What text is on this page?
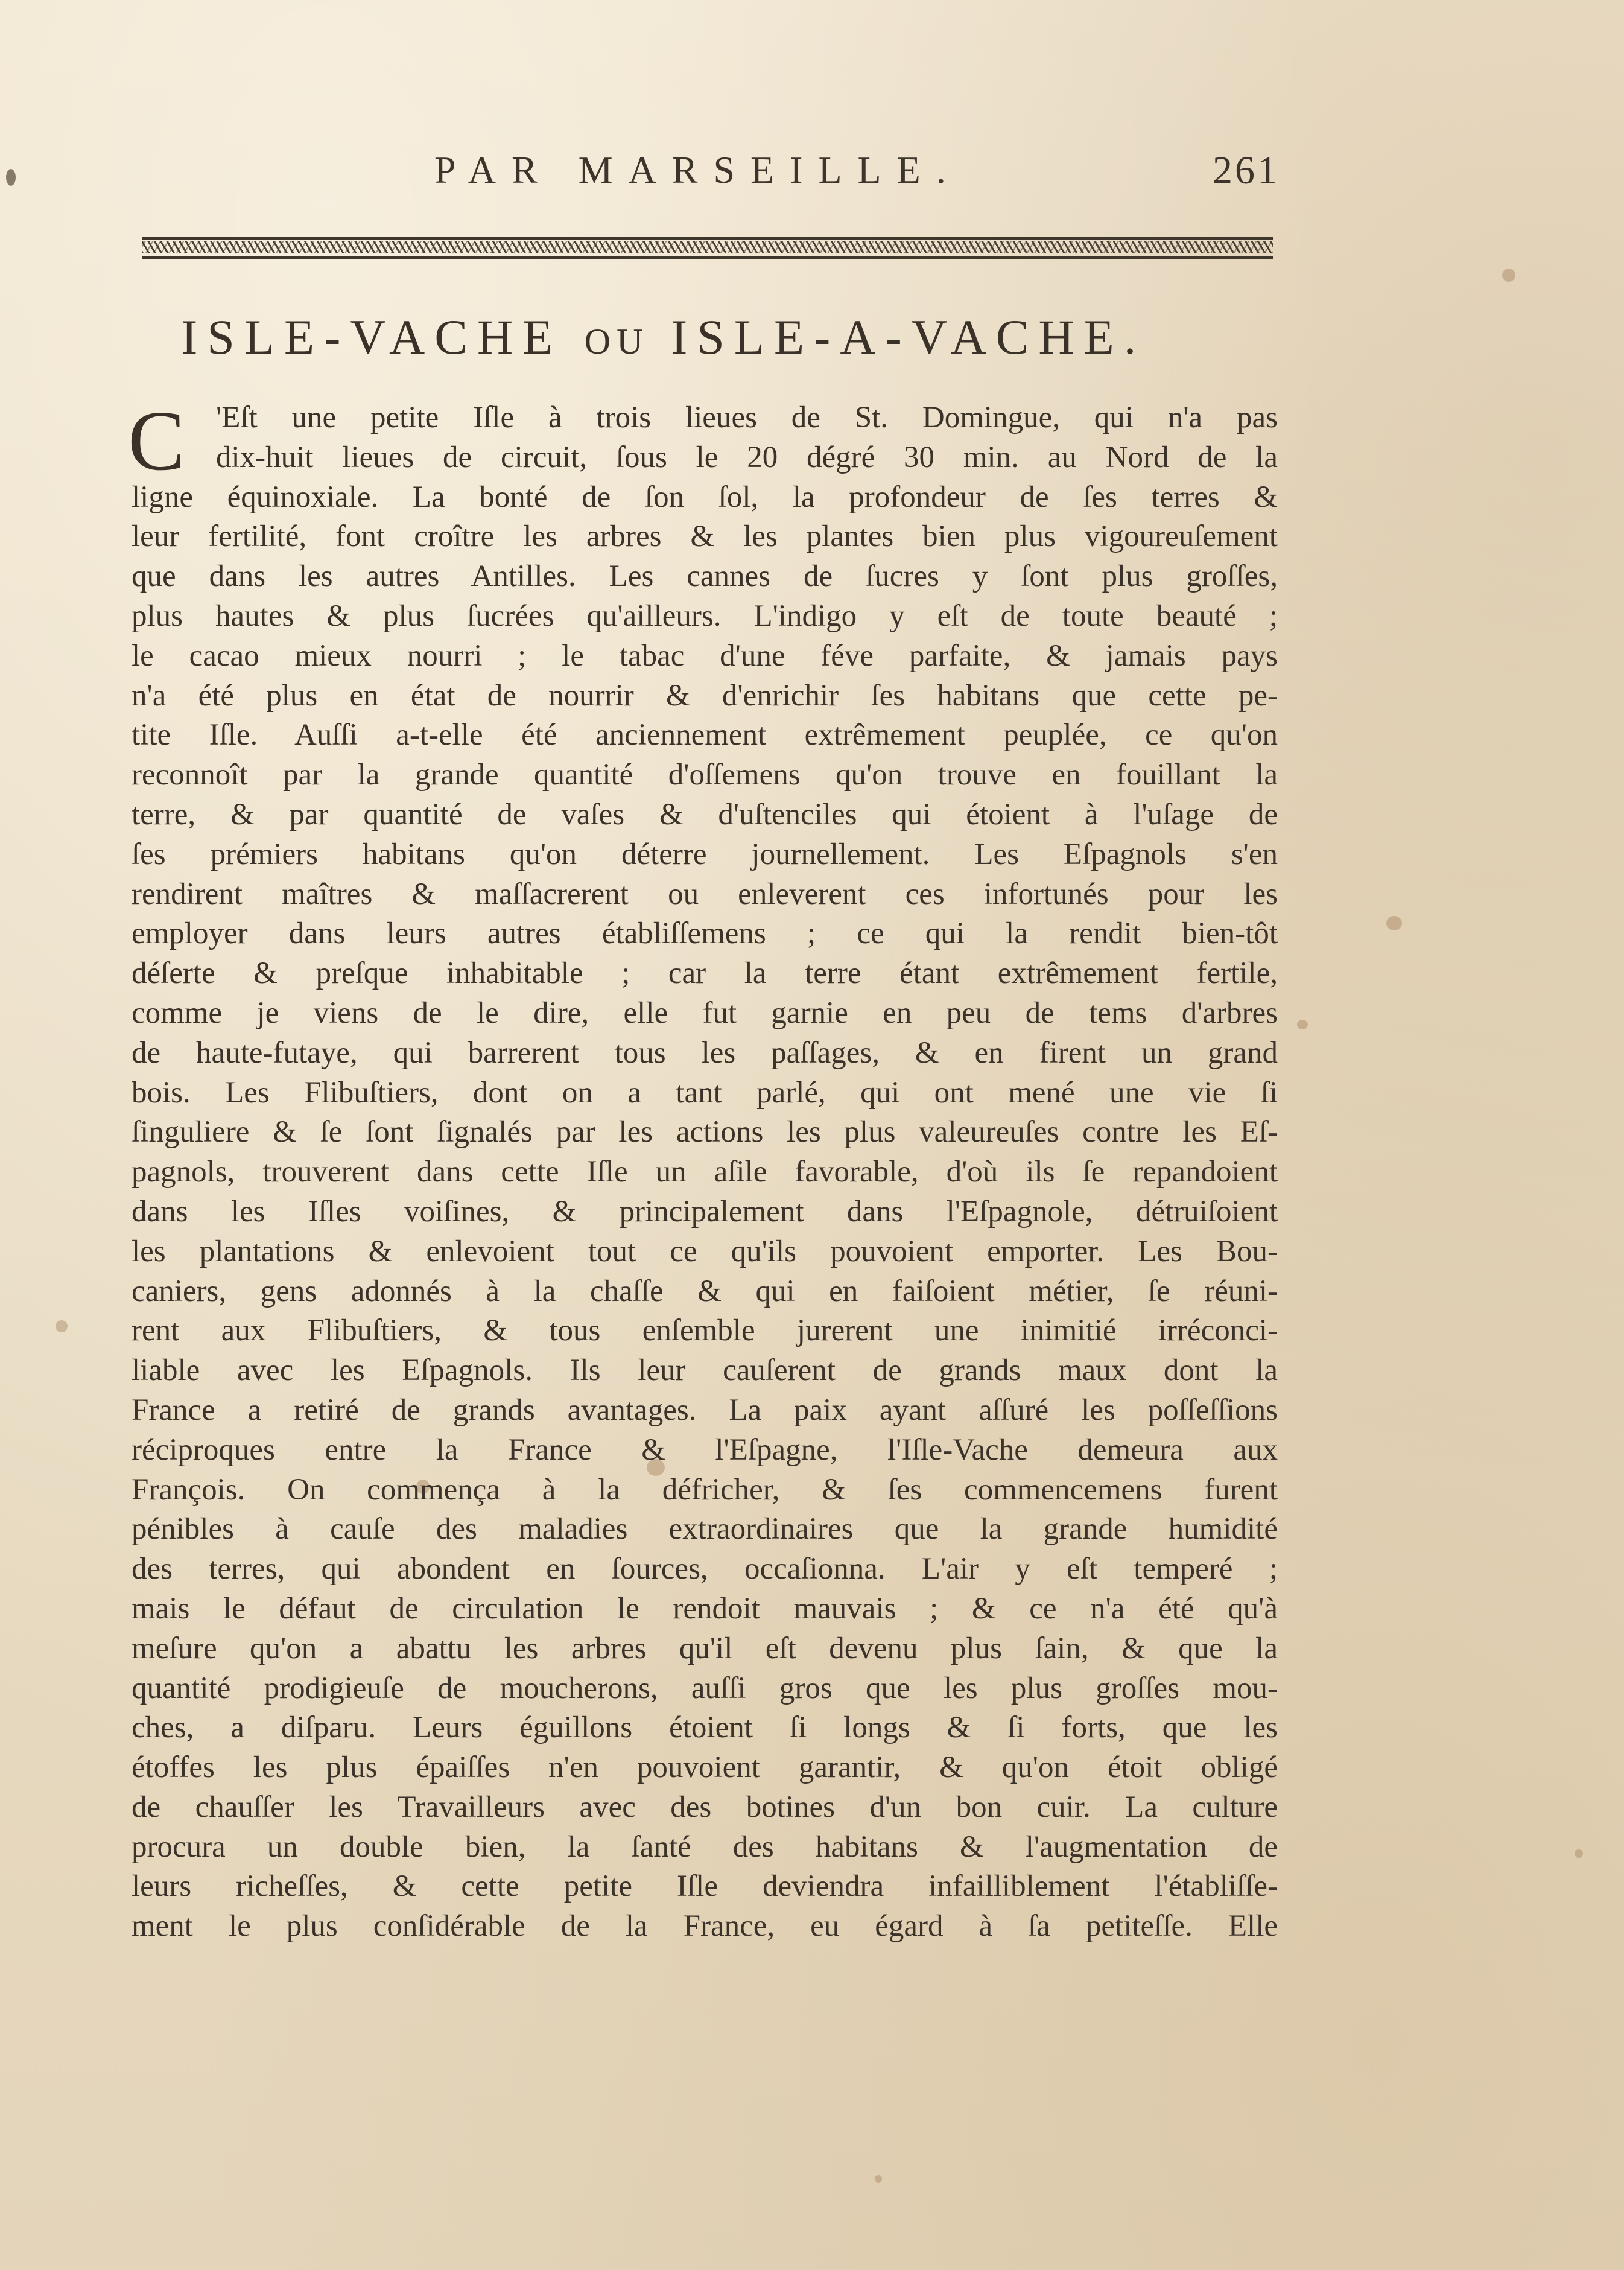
PAR MARSEILLE.	261
ISLE-VACHE OU ISLE-A-VACHE.
C	'Eſt une petite Iſle à trois lieues de St. Domingue, qui n'a pas
dix-huit lieues de circuit, ſous le 20 dégré 30 min. au Nord de la
ligne équinoxiale. La bonté de ſon ſol, la profondeur de ſes terres &
leur fertilité, font croître les arbres & les plantes bien plus vigoureuſement
que dans les autres Antilles. Les cannes de ſucres y ſont plus groſſes,
plus hautes & plus ſucrées qu'ailleurs. L'indigo y eſt de toute beauté ;
le cacao mieux nourri ; le tabac d'une féve parfaite, & jamais pays
n'a été plus en état de nourrir & d'enrichir ſes habitans que cette pe-
tite Iſle. Auſſi a-t-elle été anciennement extrêmement peuplée, ce qu'on
reconnoît par la grande quantité d'oſſemens qu'on trouve en fouillant la
terre, & par quantité de vaſes & d'uſtenciles qui étoient à l'uſage de
ſes prémiers habitans qu'on déterre journellement. Les Eſpagnols s'en
rendirent maîtres & maſſacrerent ou enleverent ces infortunés pour les
employer dans leurs autres établiſſemens ; ce qui la rendit bien-tôt
déſerte & preſque inhabitable ; car la terre étant extrêmement fertile,
comme je viens de le dire, elle fut garnie en peu de tems d'arbres
de haute-futaye, qui barrerent tous les paſſages, & en firent un grand
bois. Les Flibuſtiers, dont on a tant parlé, qui ont mené une vie ſi
ſinguliere & ſe ſont ſignalés par les actions les plus valeureuſes contre les Eſ-
pagnols, trouverent dans cette Iſle un aſile favorable, d'où ils ſe repandoient
dans les Iſles voiſines, & principalement dans l'Eſpagnole, détruiſoient
les plantations & enlevoient tout ce qu'ils pouvoient emporter. Les Bou-
caniers, gens adonnés à la chaſſe & qui en faiſoient métier, ſe réuni-
rent aux Flibuſtiers, & tous enſemble jurerent une inimitié irréconci-
liable avec les Eſpagnols. Ils leur cauſerent de grands maux dont la
France a retiré de grands avantages. La paix ayant aſſuré les poſſeſſions
réciproques entre la France & l'Eſpagne, l'Iſle-Vache demeura aux
François. On commença à la défricher, & ſes commencemens furent
pénibles à cauſe des maladies extraordinaires que la grande humidité
des terres, qui abondent en ſources, occaſionna. L'air y eſt temperé ;
mais le défaut de circulation le rendoit mauvais ; & ce n'a été qu'à
meſure qu'on a abattu les arbres qu'il eſt devenu plus ſain, & que la
quantité prodigieuſe de moucherons, auſſi gros que les plus groſſes mou-
ches, a diſparu. Leurs éguillons étoient ſi longs & ſi forts, que les
étoffes les plus épaiſſes n'en pouvoient garantir, & qu'on étoit obligé
de chauſſer les Travailleurs avec des botines d'un bon cuir. La culture
procura un double bien, la ſanté des habitans & l'augmentation de
leurs richeſſes, & cette petite Iſle deviendra infailliblement l'établiſſe-
ment le plus conſidérable de la France, eu égard à ſa petiteſſe. Elle
